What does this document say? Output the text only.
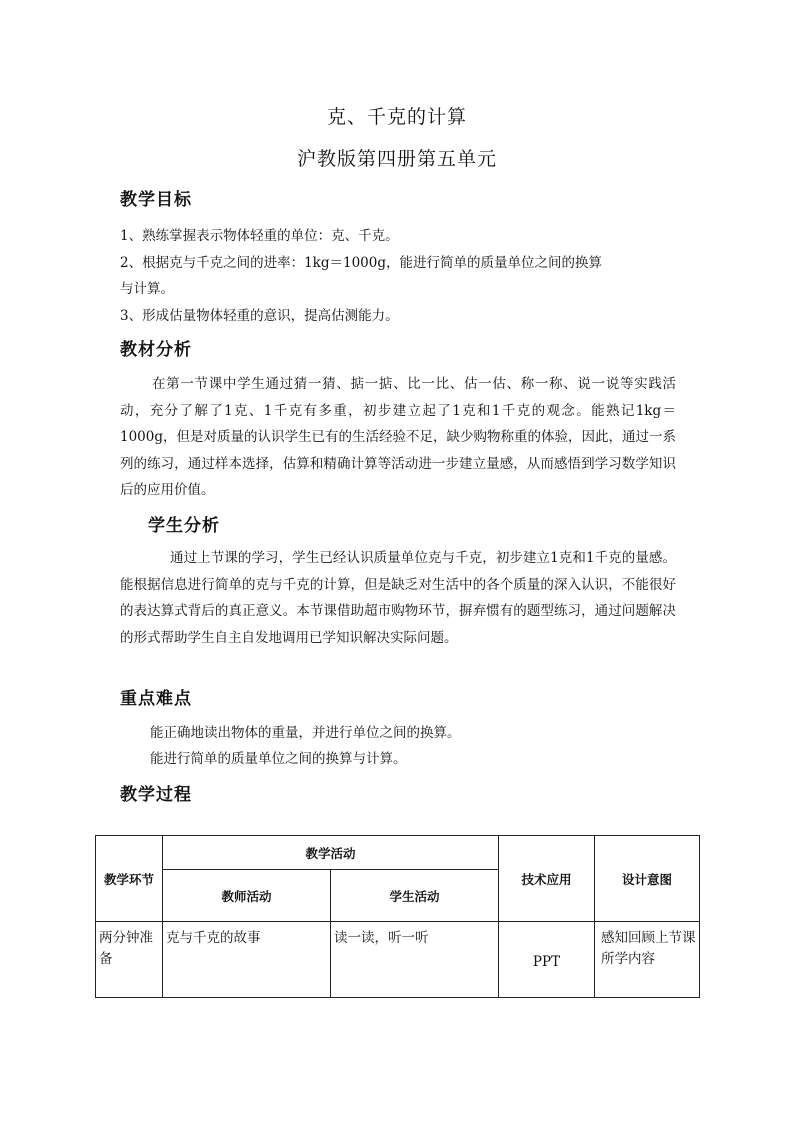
克、千克的计算
沪教版第四册第五单元
教学目标
1、熟练掌握表示物体轻重的单位：克、千克。
2、根据克与千克之间的进率：1kg＝1000g，能进行简单的质量单位之间的换算
与计算。
3、形成估量物体轻重的意识，提高估测能力。
教材分析
在第一节课中学生通过猜一猜、掂一掂、比一比、估一估、称一称、说一说等实践活动，充分了解了1克、1千克有多重，初步建立起了1克和1千克的观念。能熟记1kg＝1000g，但是对质量的认识学生已有的生活经验不足，缺少购物称重的体验，因此，通过一系列的练习，通过样本选择，估算和精确计算等活动进一步建立量感，从而感悟到学习数学知识后的应用价值。
学生分析
通过上节课的学习，学生已经认识质量单位克与千克，初步建立1克和1千克的量感。能根据信息进行简单的克与千克的计算，但是缺乏对生活中的各个质量的深入认识，不能很好的表达算式背后的真正意义。本节课借助超市购物环节，摒弃惯有的题型练习，通过问题解决的形式帮助学生自主自发地调用已学知识解决实际问题。
重点难点
能正确地读出物体的重量，并进行单位之间的换算。
能进行简单的质量单位之间的换算与计算。
教学过程
教学环节	教学活动		技术应用	设计意图
	教师活动	学生活动		
两分钟准备	克与千克的故事	读一读，听一听	PPT	感知回顾上节课所学内容
